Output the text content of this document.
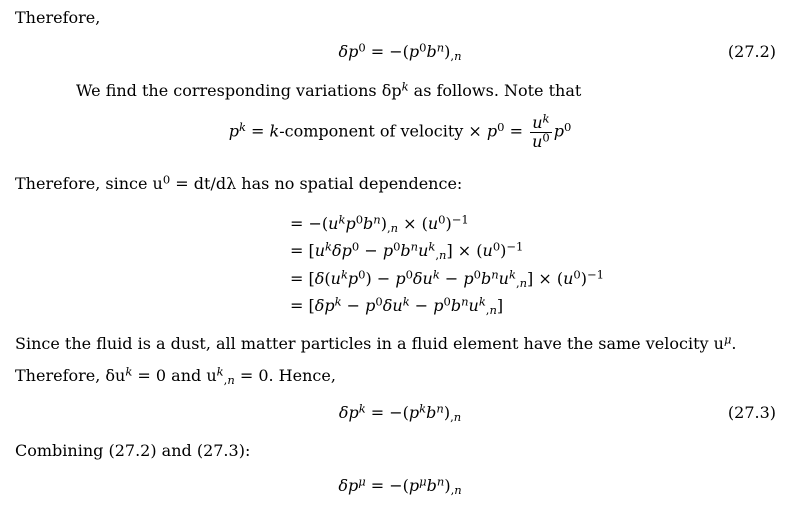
Therefore,
$\delta p^0 = -(p^0b^n)_{,n}$	(27.2)
We find the corresponding variations $\delta p^k$ as follows. Note that
$p^k$ = k-component of velocity × $p^0 = \frac{u^k}{u^0} p^0$
Therefore, since $u^0 = dt/d\lambda$ has no spatial dependence:
= $-(u^kp^0b^n)_{,n} \times (u^0)^{-1}$
= $[u^k\delta p^0 - p^0b^nu^k_{,n}] \times (u^0)^{-1}$
= $[\delta(u^kp^0) - p^0\delta u^k - p^0b^nu^k_{,n}] \times (u^0)^{-1}$
= $[\delta p^k - p^0\delta u^k - p^0b^nu^k_{,n}]$
Since the fluid is a dust, all matter particles in a fluid element have the same velocity $u^\mu$.
Therefore, $\delta u^k = 0$ and $u^k_{,n} = 0$. Hence,
$\delta p^k = -(p^kb^n)_{,n}$	(27.3)
Combining (27.2) and (27.3):
$\delta p^\mu = -(p^\mu b^n)_{,n}$
